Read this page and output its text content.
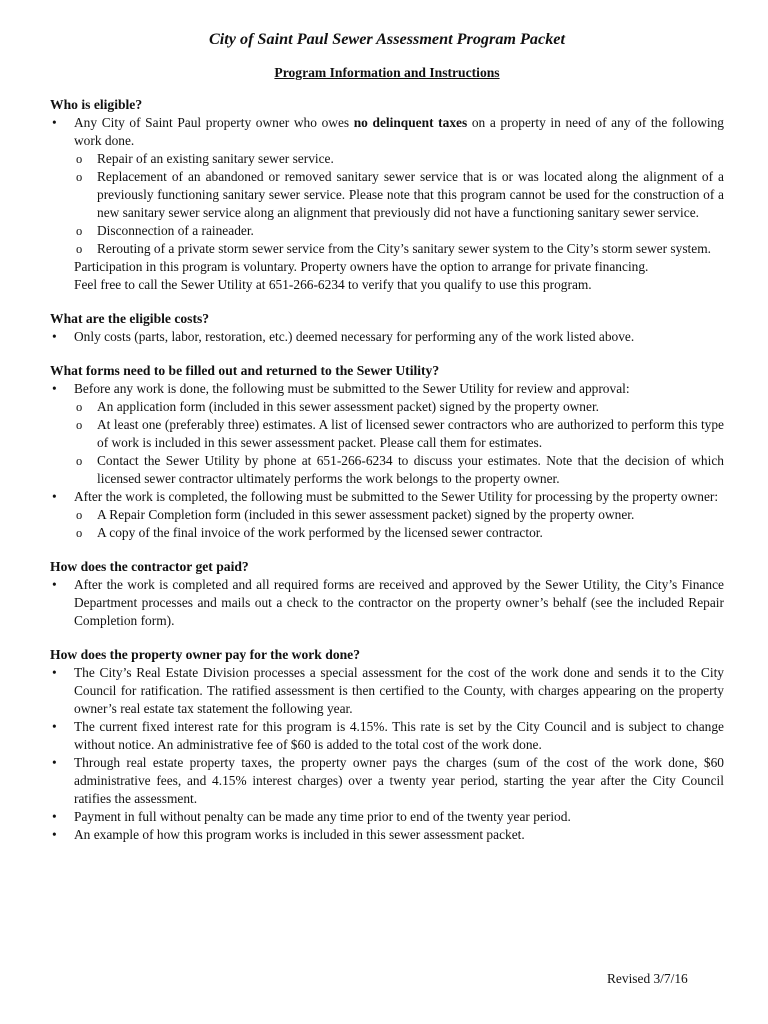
City of Saint Paul Sewer Assessment Program Packet
Program Information and Instructions
Who is eligible?
• Any City of Saint Paul property owner who owes no delinquent taxes on a property in need of any of the following work done.
o Repair of an existing sanitary sewer service.
o Replacement of an abandoned or removed sanitary sewer service that is or was located along the alignment of a previously functioning sanitary sewer service. Please note that this program cannot be used for the construction of a new sanitary sewer service along an alignment that previously did not have a functioning sanitary sewer service.
o Disconnection of a raineader.
o Rerouting of a private storm sewer service from the City’s sanitary sewer system to the City’s storm sewer system.

Participation in this program is voluntary. Property owners have the option to arrange for private financing.

Feel free to call the Sewer Utility at 651-266-6234 to verify that you qualify to use this program.

What are the eligible costs?
• Only costs (parts, labor, restoration, etc.) deemed necessary for performing any of the work listed above.
What forms need to be filled out and returned to the Sewer Utility?
• Before any work is done, the following must be submitted to the Sewer Utility for review and approval:
o An application form (included in this sewer assessment packet) signed by the property owner.
o At least one (preferably three) estimates. A list of licensed sewer contractors who are authorized to perform this type of work is included in this sewer assessment packet. Please call them for estimates.
o Contact the Sewer Utility by phone at 651-266-6234 to discuss your estimates. Note that the decision of which licensed sewer contractor ultimately performs the work belongs to the property owner.
• After the work is completed, the following must be submitted to the Sewer Utility for processing by the property owner:
o A Repair Completion form (included in this sewer assessment packet) signed by the property owner.
o A copy of the final invoice of the work performed by the licensed sewer contractor.
How does the contractor get paid?
• After the work is completed and all required forms are received and approved by the Sewer Utility, the City’s Finance Department processes and mails out a check to the contractor on the property owner’s behalf (see the included Repair Completion form).
How does the property owner pay for the work done?
• The City’s Real Estate Division processes a special assessment for the cost of the work done and sends it to the City Council for ratification. The ratified assessment is then certified to the County, with charges appearing on the property owner’s real estate tax statement the following year.
• The current fixed interest rate for this program is 4.15%. This rate is set by the City Council and is subject to change without notice. An administrative fee of $60 is added to the total cost of the work done.
• Through real estate property taxes, the property owner pays the charges (sum of the cost of the work done, $60 administrative fees, and 4.15% interest charges) over a twenty year period, starting the year after the City Council ratifies the assessment.
• Payment in full without penalty can be made any time prior to end of the twenty year period.
• An example of how this program works is included in this sewer assessment packet.
Revised 3/7/16
